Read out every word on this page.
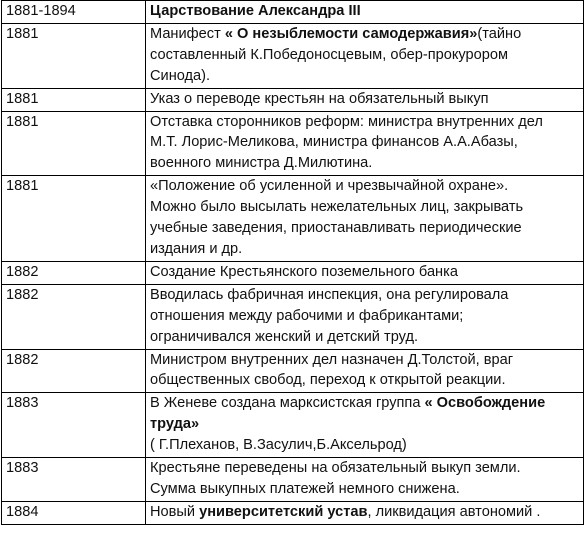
1881-1894	Царствование Александра III
1881	Манифест « О незыблемости самодержавия»(тайно
составленный К.Победоносцевым, обер-прокурором
Синода).

1881	Указ о переводе крестьян на обязательный выкуп

1881	Отставка сторонников реформ: министра внутренних дел
М.Т. Лорис-Меликова, министра финансов А.А.Абазы,
военного министра Д.Милютина.

1881	«Положение об усиленной и чрезвычайной охране».
Можно было высылать нежелательных лиц, закрывать
учебные заведения, приостанавливать периодические
издания и др.

1882	Создание Крестьянского поземельного банка

1882	Вводилась фабричная инспекция, она регулировала
отношения между рабочими и фабрикантами;
ограничивался женский и детский труд.

1882	Министром внутренних дел назначен Д.Толстой, враг
общественных свобод, переход к открытой реакции.

1883	В Женеве создана марксистская группа « Освобождение
труда»
( Г.Плеханов, В.Засулич,Б.Аксельрод)

1883	Крестьяне переведены на обязательный выкуп земли.
Сумма выкупных платежей немного снижена.

1884	Новый университетский устав, ликвидация автономий .
